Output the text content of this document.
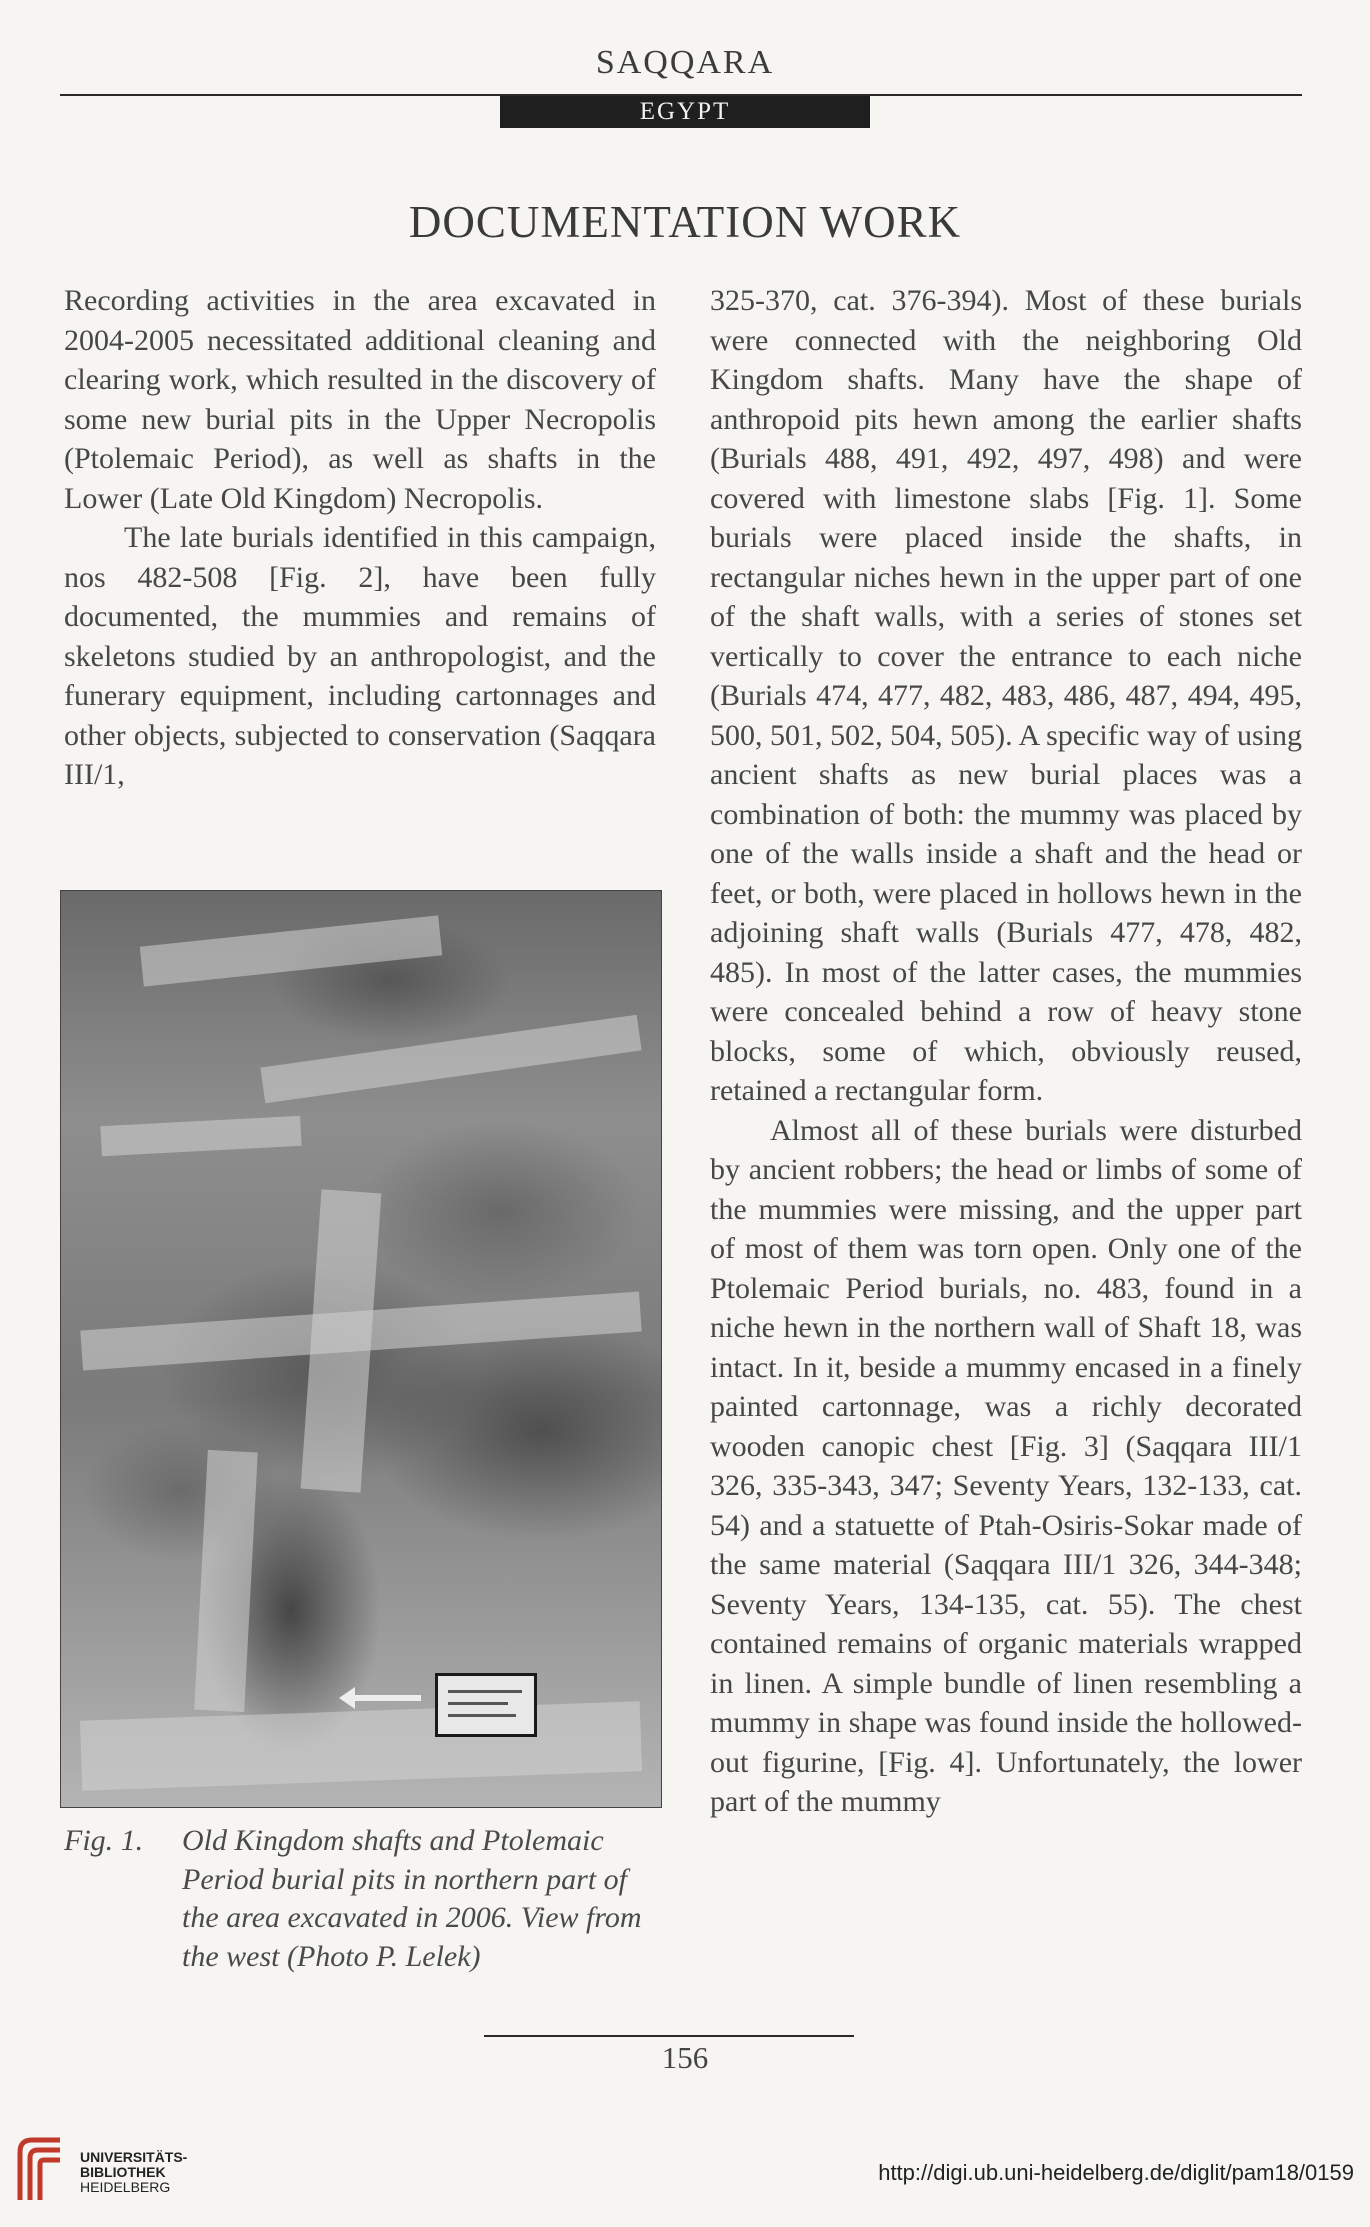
SAQQARA
EGYPT
DOCUMENTATION WORK

Recording activities in the area excavated in 2004-2005 necessitated additional cleaning and clearing work, which resulted in the discovery of some new burial pits in the Upper Necropolis (Ptolemaic Period), as well as shafts in the Lower (Late Old Kingdom) Necropolis.

The late burials identified in this campaign, nos 482-508 [Fig. 2], have been fully documented, the mummies and remains of skeletons studied by an anthropologist, and the funerary equipment, including cartonnages and other objects, subjected to conservation (Saqqara III/1,

Fig. 1. Old Kingdom shafts and Ptolemaic Period burial pits in northern part of the area excavated in 2006. View from the west (Photo P. Lelek)

325-370, cat. 376-394). Most of these burials were connected with the neighboring Old Kingdom shafts. Many have the shape of anthropoid pits hewn among the earlier shafts (Burials 488, 491, 492, 497, 498) and were covered with limestone slabs [Fig. 1]. Some burials were placed inside the shafts, in rectangular niches hewn in the upper part of one of the shaft walls, with a series of stones set vertically to cover the entrance to each niche (Burials 474, 477, 482, 483, 486, 487, 494, 495, 500, 501, 502, 504, 505). A specific way of using ancient shafts as new burial places was a combination of both: the mummy was placed by one of the walls inside a shaft and the head or feet, or both, were placed in hollows hewn in the adjoining shaft walls (Burials 477, 478, 482, 485). In most of the latter cases, the mummies were concealed behind a row of heavy stone blocks, some of which, obviously reused, retained a rectangular form.

Almost all of these burials were disturbed by ancient robbers; the head or limbs of some of the mummies were missing, and the upper part of most of them was torn open. Only one of the Ptolemaic Period burials, no. 483, found in a niche hewn in the northern wall of Shaft 18, was intact. In it, beside a mummy encased in a finely painted cartonnage, was a richly decorated wooden canopic chest [Fig. 3] (Saqqara III/1 326, 335-343, 347; Seventy Years, 132-133, cat. 54) and a statuette of Ptah-Osiris-Sokar made of the same material (Saqqara III/1 326, 344-348; Seventy Years, 134-135, cat. 55). The chest contained remains of organic materials wrapped in linen. A simple bundle of linen resembling a mummy in shape was found inside the hollowed-out figurine, [Fig. 4]. Unfortunately, the lower part of the mummy

156
UNIVERSITÄTS-
BIBLIOTHEK
HEIDELBERG
http://digi.ub.uni-heidelberg.de/diglit/pam18/0159
